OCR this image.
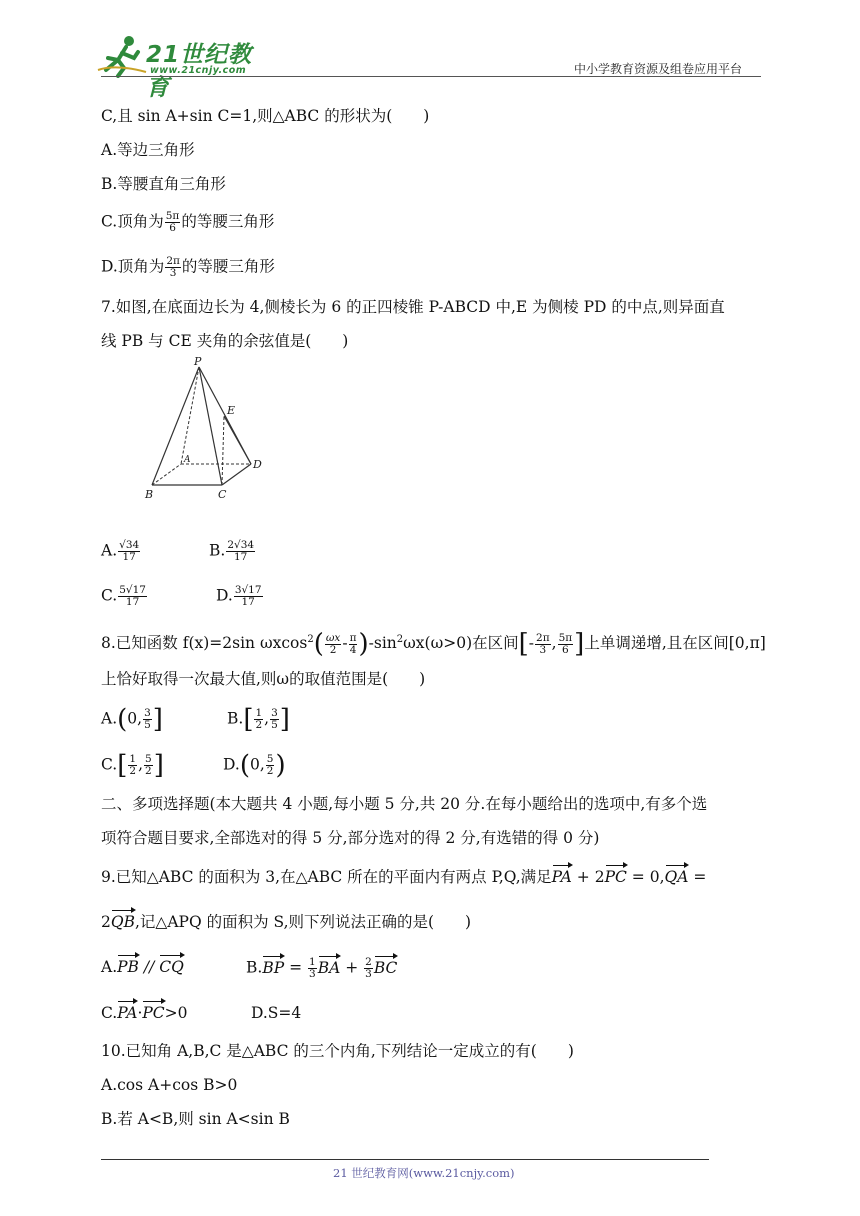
21世纪教育
www.21cnjy.com	中小学教育资源及组卷应用平台
C,且 sin A+sin C=1,则△ABC 的形状为(　　)
A.等边三角形
B.等腰直角三角形
C.顶角为 $\frac{5\pi}{6}$ 的等腰三角形
D.顶角为 $\frac{2\pi}{3}$ 的等腰三角形
7.如图,在底面边长为 4,侧棱长为 6 的正四棱锥 P-ABCD 中,E 为侧棱 PD 的中点,则异面直
线 PB 与 CE 夹角的余弦值是(　　)
P
E
A	D
B	C
A. $\frac{√34}{17}$	B. $\frac{2√34}{17}$
C. $\frac{5√17}{17}$	D. $\frac{3√17}{17}$
8.已知函数 f(x)=2sin $\omega xcos^2( \frac{\omega x}{2} - \frac{\pi}{4} )-\sin^2\omega x(\omega>0)$在区间[- $\frac{2\pi}{3}$ , $\frac{5\pi}{6}$ ]上单调递增,且在区间[0,π]
上恰好取得一次最大值,则ω的取值范围是(　　)
A.(0, $\frac{3}{5}$ ]	$B.[ \frac{1}{2}$ , $\frac{3}{5}$ ]
$C.[ \frac{1}{2}$ , $\frac{5}{2}$ ]	D.(0, $\frac{5}{2}$ )
二、多项选择题(本大题共 4 小题,每小题 5 分,共 20 分.在每小题给出的选项中,有多个选
项符合题目要求,全部选对的得 5 分,部分选对的得 2 分,有选错的得 0 分)
9.已知△ABC 的面积为 3,在△ABC 所在的平面内有两点 P,Q,满足PA + 2PC = 0,QA =
2QB,记△APQ 的面积为 S,则下列说法正确的是(　　)
A.PB // CQ	$B.BP = \frac{1}{3}$ BA + $\frac{2}{3}$ BC
C.PA·PC>0	D.S=4
10.已知角 A,B,C 是△ABC 的三个内角,下列结论一定成立的有(　　)
A.cos A+cos B>0
B.若 A<B,则 sin A<sin B
21 世纪教育网(www.21cnjy.com)
